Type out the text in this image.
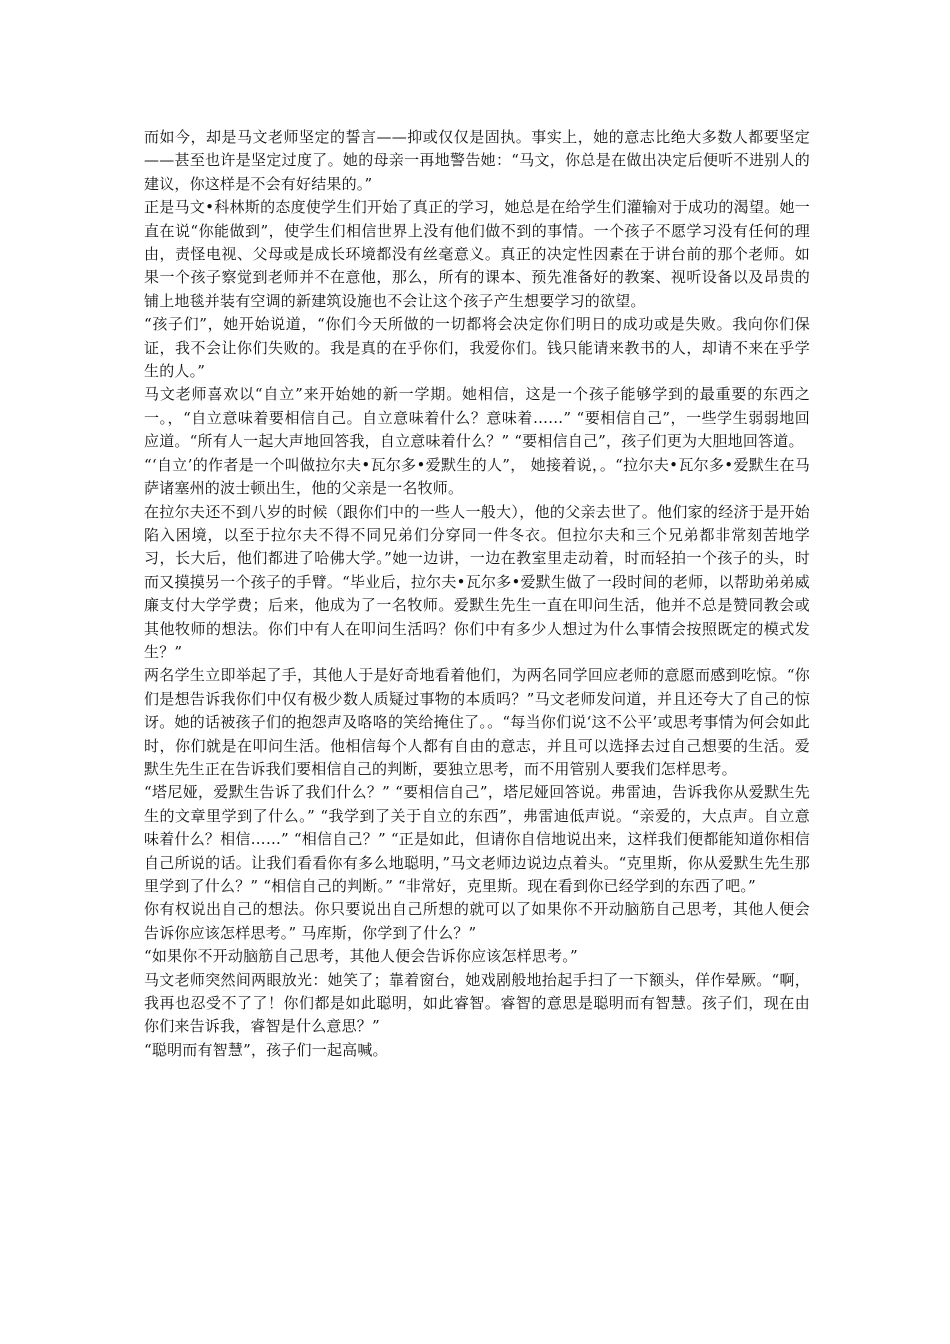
而如今，却是马文老师坚定的誓言——抑或仅仅是固执。事实上，她的意志比绝大多数人都要坚定——甚至也许是坚定过度了。她的母亲一再地警告她：“马文，你总是在做出决定后便听不进别人的建议，你这样是不会有好结果的。”

正是马文•科林斯的态度使学生们开始了真正的学习，她总是在给学生们灌输对于成功的渴望。她一直在说“你能做到”，使学生们相信世界上没有他们做不到的事情。一个孩子不愿学习没有任何的理由，责怪电视、父母或是成长环境都没有丝毫意义。真正的决定性因素在于讲台前的那个老师。如果一个孩子察觉到老师并不在意他，那么，所有的课本、预先准备好的教案、视听设备以及昂贵的铺上地毯并装有空调的新建筑设施也不会让这个孩子产生想要学习的欲望。

“孩子们”，她开始说道，“你们今天所做的一切都将会决定你们明日的成功或是失败。我向你们保证，我不会让你们失败的。我是真的在乎你们，我爱你们。钱只能请来教书的人，却请不来在乎学生的人。”

马文老师喜欢以“自立”来开始她的新一学期。她相信，这是一个孩子能够学到的最重要的东西之一。，“自立意味着要相信自己。自立意味着什么？意味着……” “要相信自己”，一些学生弱弱地回应道。“所有人一起大声地回答我，自立意味着什么？” “要相信自己”，孩子们更为大胆地回答道。

“‘自立’的作者是一个叫做拉尔夫•瓦尔多•爱默生的人”， 她接着说，。“拉尔夫•瓦尔多•爱默生在马萨诸塞州的波士顿出生，他的父亲是一名牧师。

在拉尔夫还不到八岁的时候（跟你们中的一些人一般大），他的父亲去世了。他们家的经济于是开始陷入困境，以至于拉尔夫不得不同兄弟们分穿同一件冬衣。但拉尔夫和三个兄弟都非常刻苦地学习，长大后，他们都进了哈佛大学。”她一边讲，一边在教室里走动着，时而轻拍一个孩子的头，时而又摸摸另一个孩子的手臂。“毕业后，拉尔夫•瓦尔多•爱默生做了一段时间的老师，以帮助弟弟威廉支付大学学费；后来，他成为了一名牧师。爱默生先生一直在叩问生活，他并不总是赞同教会或其他牧师的想法。你们中有人在叩问生活吗？你们中有多少人想过为什么事情会按照既定的模式发生？”

两名学生立即举起了手，其他人于是好奇地看着他们，为两名同学回应老师的意愿而感到吃惊。“你们是想告诉我你们中仅有极少数人质疑过事物的本质吗？”马文老师发问道，并且还夸大了自己的惊讶。她的话被孩子们的抱怨声及咯咯的笑给掩住了。。“每当你们说‘这不公平’或思考事情为何会如此时，你们就是在叩问生活。他相信每个人都有自由的意志，并且可以选择去过自己想要的生活。爱默生先生正在告诉我们要相信自己的判断，要独立思考，而不用管别人要我们怎样思考。

“塔尼娅，爱默生告诉了我们什么？” “要相信自己”，塔尼娅回答说。弗雷迪，告诉我你从爱默生先生的文章里学到了什么。” “我学到了关于自立的东西”，弗雷迪低声说。“亲爱的，大点声。自立意味着什么？相信……” “相信自己？” “正是如此，但请你自信地说出来，这样我们便都能知道你相信自己所说的话。让我们看看你有多么地聪明，”马文老师边说边点着头。“克里斯，你从爱默生先生那里学到了什么？” “相信自己的判断。” “非常好，克里斯。现在看到你已经学到的东西了吧。”

你有权说出自己的想法。你只要说出自己所想的就可以了如果你不开动脑筋自己思考，其他人便会告诉你应该怎样思考。” 马库斯，你学到了什么？”

“如果你不开动脑筋自己思考，其他人便会告诉你应该怎样思考。”

马文老师突然间两眼放光：她笑了；靠着窗台，她戏剧般地抬起手扫了一下额头，佯作晕厥。“啊，我再也忍受不了了！你们都是如此聪明，如此睿智。睿智的意思是聪明而有智慧。孩子们，现在由你们来告诉我，睿智是什么意思？”

“聪明而有智慧”，孩子们一起高喊。
